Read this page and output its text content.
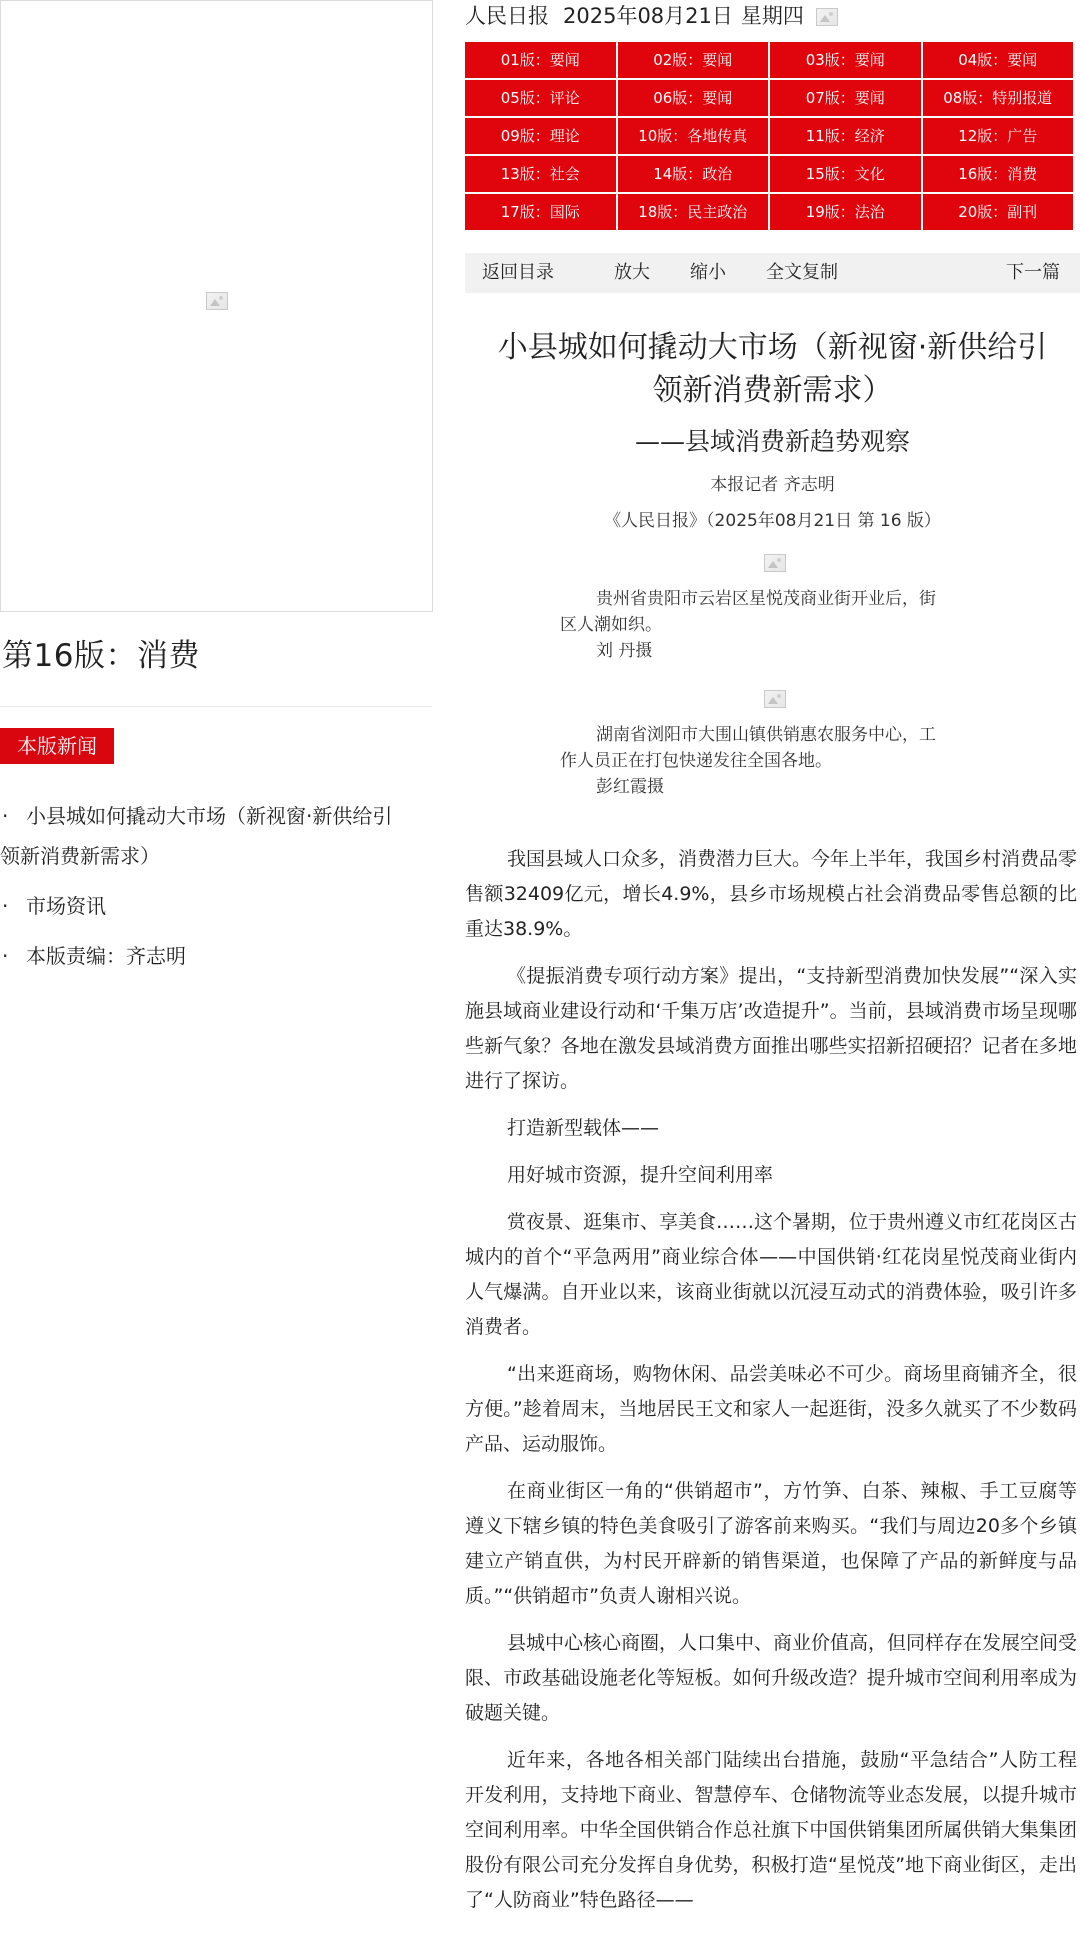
第16版：消费
本版新闻
· 小县城如何撬动大市场（新视窗·新供给引
领新消费新需求）
· 市场资讯
· 本版责编：齐志明
人民日报 2025年08月21日 星期四
01版：要闻	02版：要闻	03版：要闻	04版：要闻
05版：评论	06版：要闻	07版：要闻	08版：特别报道
09版：理论	10版：各地传真	11版：经济	12版：广告
13版：社会	14版：政治	15版：文化	16版：消费
17版：国际	18版：民主政治	19版：法治	20版：副刊
返回目录	放大 缩小 全文复制	下一篇
小县城如何撬动大市场（新视窗·新供给引
领新消费新需求）
——县域消费新趋势观察
本报记者 齐志明
《人民日报》（2025年08月21日 第 16 版）

贵州省贵阳市云岩区星悦茂商业街开业后，街

区人潮如织。

刘 丹摄

湖南省浏阳市大围山镇供销惠农服务中心，工

作人员正在打包快递发往全国各地。

彭红霞摄

我国县域人口众多，消费潜力巨大。今年上半年，我国乡村消费品零售额32409亿元，增长4.9%，县乡市场规模占社会消费品零售总额的比重达38.9%。

《提振消费专项行动方案》提出，“支持新型消费加快发展”“深入实施县域商业建设行动和‘千集万店’改造提升”。当前，县域消费市场呈现哪些新气象？各地在激发县域消费方面推出哪些实招新招硬招？记者在多地进行了探访。

打造新型载体——

用好城市资源，提升空间利用率

赏夜景、逛集市、享美食……这个暑期，位于贵州遵义市红花岗区古城内的首个“平急两用”商业综合体——中国供销·红花岗星悦茂商业街内人气爆满。自开业以来，该商业街就以沉浸互动式的消费体验，吸引许多消费者。

“出来逛商场，购物休闲、品尝美味必不可少。商场里商铺齐全，很方便。”趁着周末，当地居民王文和家人一起逛街，没多久就买了不少数码产品、运动服饰。

在商业街区一角的“供销超市”，方竹笋、白茶、辣椒、手工豆腐等遵义下辖乡镇的特色美食吸引了游客前来购买。“我们与周边20多个乡镇建立产销直供，为村民开辟新的销售渠道，也保障了产品的新鲜度与品质。”“供销超市”负责人谢相兴说。

县城中心核心商圈，人口集中、商业价值高，但同样存在发展空间受限、市政基础设施老化等短板。如何升级改造？提升城市空间利用率成为破题关键。

近年来，各地各相关部门陆续出台措施，鼓励“平急结合”人防工程开发利用，支持地下商业、智慧停车、仓储物流等业态发展，以提升城市空间利用率。中华全国供销合作总社旗下中国供销集团所属供销大集集团股份有限公司充分发挥自身优势，积极打造“星悦茂”地下商业街区，走出了“人防商业”特色路径——
